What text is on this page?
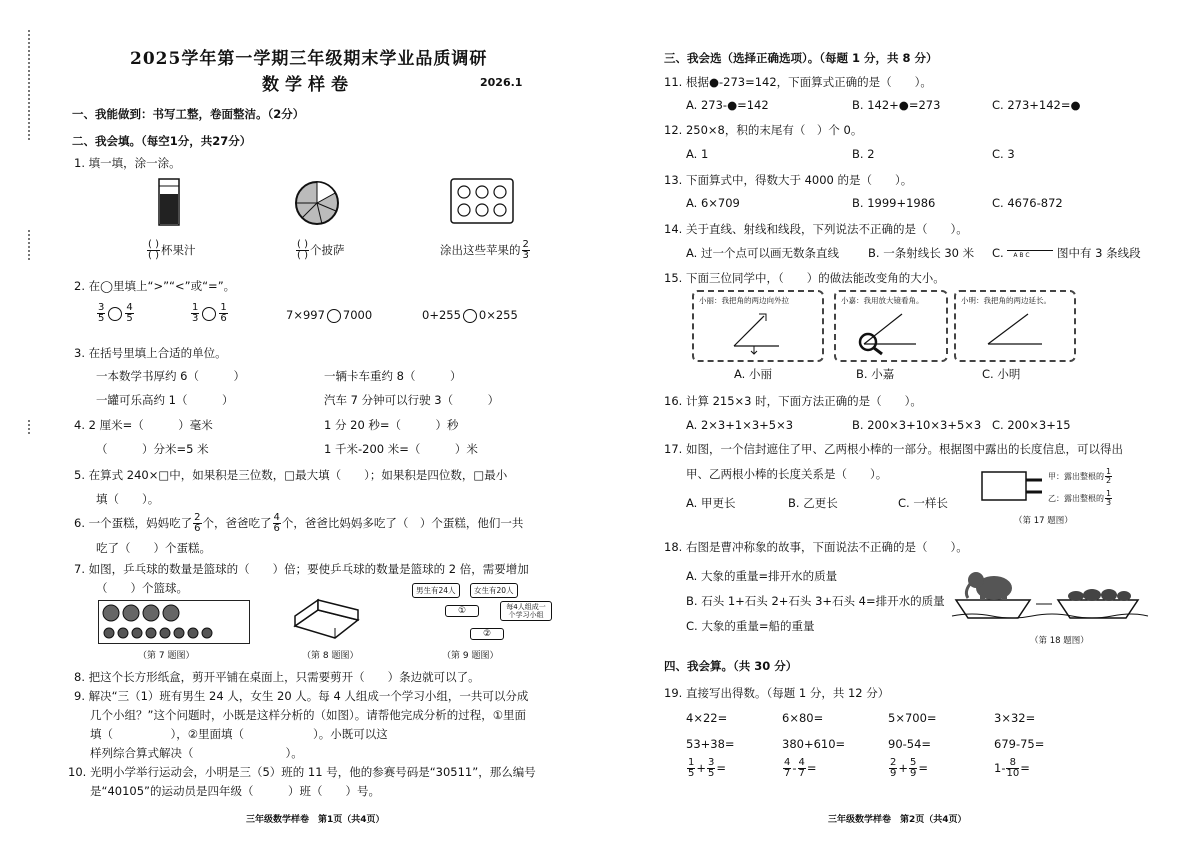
2025学年第一学期三年级期末学业品质调研
数学样卷	2026.1
一、我能做到：书写工整，卷面整洁。（2分）
二、我会填。（每空1分，共27分）
1. 填一填，涂一涂。
$\frac{( )}{( )}$ 杯果汁	$\frac{( )}{( )}$ 个披萨	涂出这些苹果的 $\frac{2}{3}$
2. 在◯里填上“>”“<”或“=”。
$\frac{3}{5} \frac{4}{5}$	$\frac{1}{3} \frac{1}{6}$	7×997 7000	0+255 0×255
3. 在括号里填上合适的单位。
一本数学书厚约 6（　　　）	一辆卡车重约 8（　　　）
一罐可乐高约 1（　　　）	汽车 7 分钟可以行驶 3（　　　）
4. 2 厘米=（　　　）毫米	1 分 20 秒=（　　　）秒
（　　　）分米=5 米	1 千米-200 米=（　　　）米
5. 在算式 240×□中，如果积是三位数，□最大填（　　）；如果积是四位数，□最小
填（　　）。
6. 一个蛋糕，妈妈吃了 $\frac{2}{6}$ 个，爸爸吃了 $\frac{4}{6}$ 个，爸爸比妈妈多吃了（　）个蛋糕，他们一共
吃了（　　）个蛋糕。
7. 如图，乒乓球的数量是篮球的（　　）倍；要使乒乓球的数量是篮球的 2 倍，需要增加
（　　）个篮球。
（第 7 题图）	（第 8 题图）
男生有24人	女生有20人
①	每4人组成一个学习小组
②
（第 9 题图）
8. 把这个长方形纸盒，剪开平铺在桌面上，只需要剪开（　　）条边就可以了。
9. 解决“三（1）班有男生 24 人，女生 20 人。每 4 人组成一个学习小组，一共可以分成
几个小组？”这个问题时，小既是这样分析的（如图）。请帮他完成分析的过程，①里面
填（　　　　　），②里面填（　　　　　　）。小既可以这
样列综合算式解决（　　　　　　　　）。
10. 光明小学举行运动会，小明是三（5）班的 11 号，他的参赛号码是“30511”，那么编号
是“40105”的运动员是四年级（　　　）班（　　）号。
三年级数学样卷　第1页（共4页）
三、我会选（选择正确选项）。（每题 1 分，共 8 分）
11. 根据●-273=142，下面算式正确的是（　　）。
A. 273-●=142	B. 142+●=273	C. 273+142=●
12. 250×8，积的末尾有（　）个 0。
A. 1	B. 2	C. 3
13. 下面算式中，得数大于 4000 的是（　　）。
A. 6×709	B. 1999+1986	C. 4676-872
14. 关于直线、射线和线段，下列说法不正确的是（　　）。
A. 过一个点可以画无数条直线	B. 一条射线长 30 米 C. A B C 图中有 3 条线段
15. 下面三位同学中，（　　）的做法能改变角的大小。
小丽：我把角的两边向外拉	小嘉：我用放大镜看角。	小明：我把角的两边延长。
A. 小丽	B. 小嘉	C. 小明
16. 计算 215×3 时，下面方法正确的是（　　）。
A. 2×3+1×3+5×3	B. 200×3+10×3+5×3 C. 200×3+15
17. 如图，一个信封遮住了甲、乙两根小棒的一部分。根据图中露出的长度信息，可以得出
甲、乙两根小棒的长度关系是（　　）。
A. 甲更长	B. 乙更长	C. 一样长
甲：露出整根的 $\frac{1}{2}$
乙：露出整根的 $\frac{1}{3}$
（第 17 题图）
18. 右图是曹冲称象的故事，下面说法不正确的是（　　）。
A. 大象的重量=排开水的质量
B. 石头 1+石头 2+石头 3+石头 4=排开水的质量
C. 大象的重量=船的重量
（第 18 题图）
四、我会算。（共 30 分）
19. 直接写出得数。（每题 1 分，共 12 分）
4×22=	6×80=	5×700=	3×32=
53+38=	380+610=	90-54=	679-75=
$\frac{1}{5} + \frac{3}{5}$ =	$\frac{4}{7} - \frac{4}{7}$ =	$\frac{2}{9} + \frac{5}{9}$ =	$1- \frac{8}{10}$ =
三年级数学样卷　第2页（共4页）
